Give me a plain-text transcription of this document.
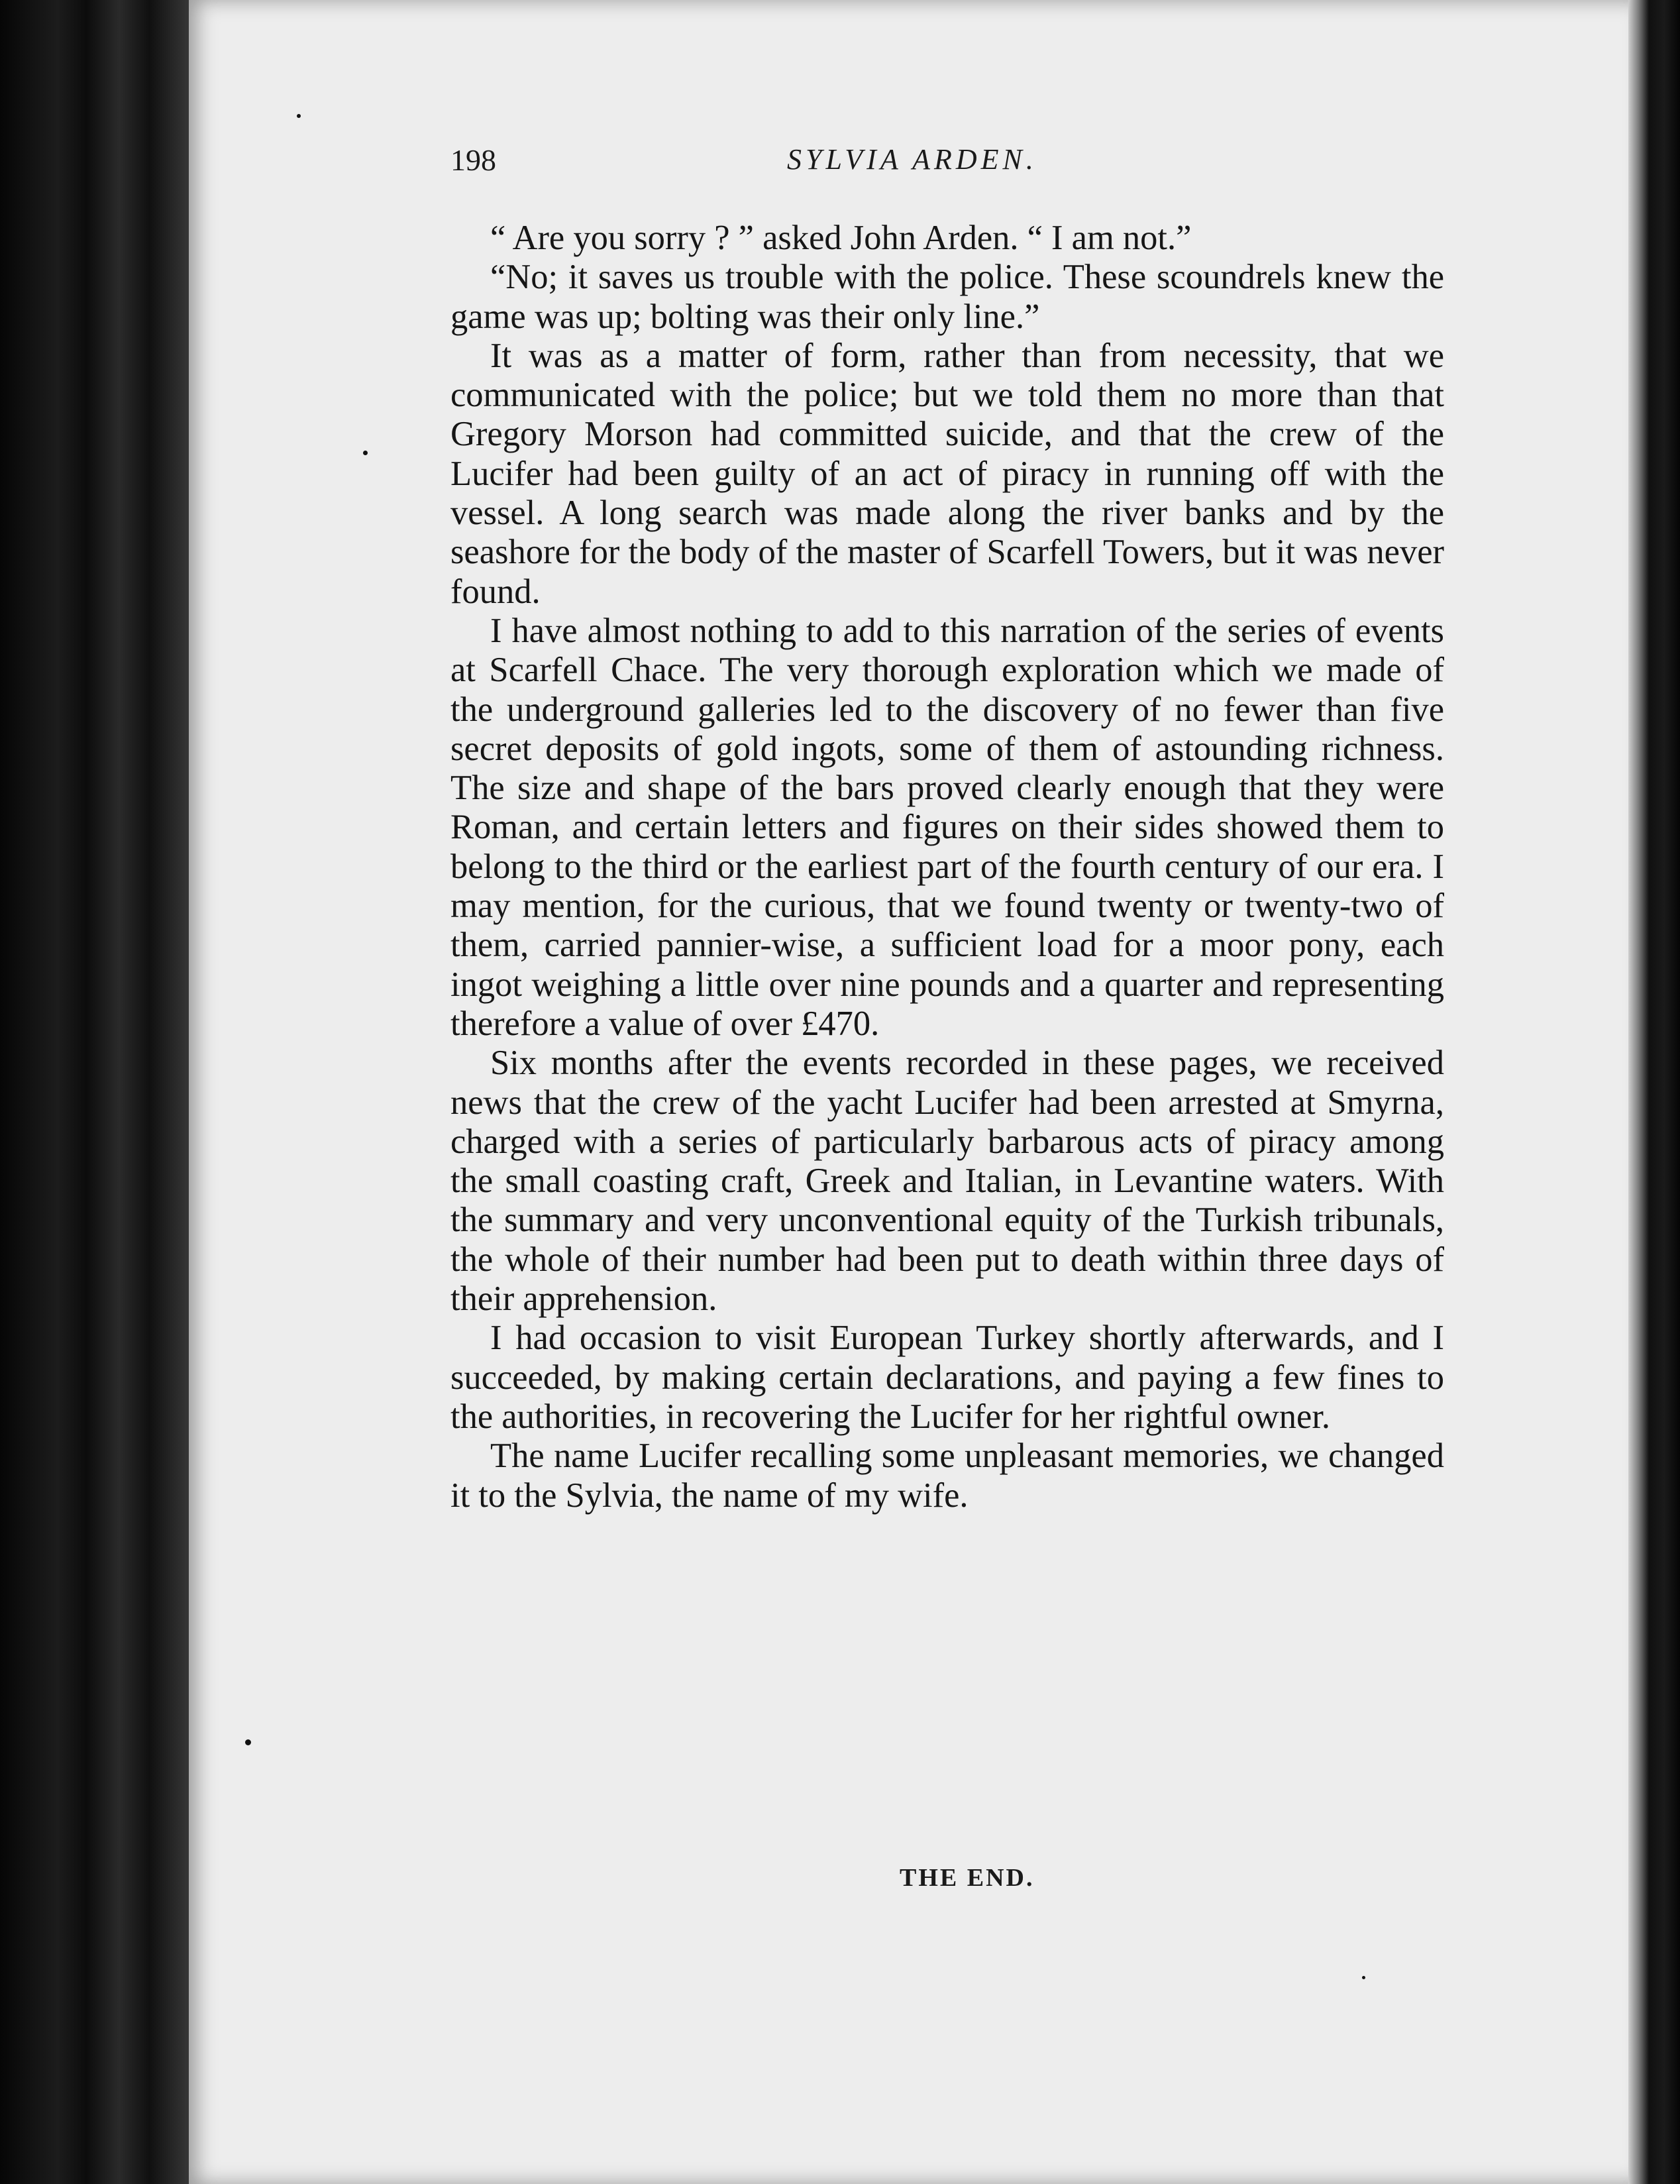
198	SYLVIA ARDEN.

“ Are you sorry ? ” asked John Arden. “ I am not.”

“No; it saves us trouble with the police. These scoundrels knew the game was up; bolting was their only line.”

It was as a matter of form, rather than from necessity, that we communicated with the police; but we told them no more than that Gregory Morson had committed suicide, and that the crew of the Lucifer had been guilty of an act of piracy in running off with the vessel. A long search was made along the river banks and by the seashore for the body of the master of Scarfell Towers, but it was never found.

I have almost nothing to add to this narration of the series of events at Scarfell Chace. The very thorough exploration which we made of the underground galleries led to the discovery of no fewer than five secret deposits of gold ingots, some of them of astounding richness. The size and shape of the bars proved clearly enough that they were Roman, and certain letters and figures on their sides showed them to belong to the third or the earliest part of the fourth century of our era. I may mention, for the curious, that we found twenty or twenty-two of them, carried pannier-wise, a sufficient load for a moor pony, each ingot weighing a little over nine pounds and a quarter and representing therefore a value of over £470.

Six months after the events recorded in these pages, we received news that the crew of the yacht Lucifer had been arrested at Smyrna, charged with a series of particularly barbarous acts of piracy among the small coasting craft, Greek and Italian, in Levantine waters. With the summary and very unconventional equity of the Turkish tribunals, the whole of their number had been put to death within three days of their apprehension.

I had occasion to visit European Turkey shortly afterwards, and I succeeded, by making certain declarations, and paying a few fines to the authorities, in recovering the Lucifer for her rightful owner.

The name Lucifer recalling some unpleasant memories, we changed it to the Sylvia, the name of my wife.

THE END.
